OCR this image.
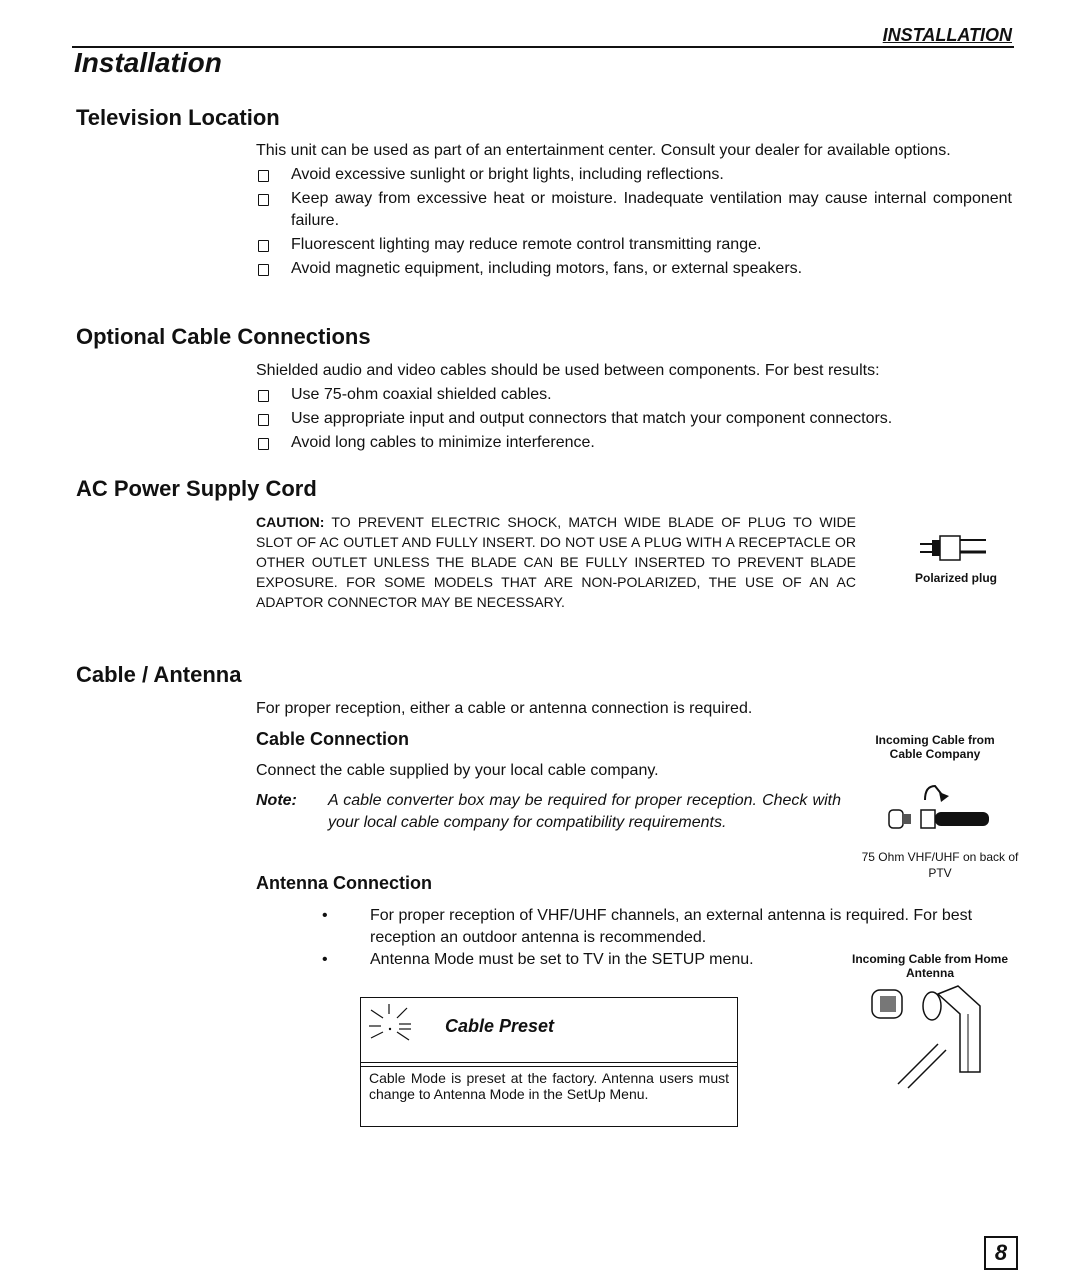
INSTALLATION
Installation
Television Location

This unit can be used as part of an entertainment center. Consult your dealer for available options.

Avoid excessive sunlight or bright lights, including reflections.
Keep away from excessive heat or moisture. Inadequate ventilation may cause internal component failure.
Fluorescent lighting may reduce remote control transmitting range.
Avoid magnetic equipment, including motors, fans, or external speakers.
Optional Cable Connections

Shielded audio and video cables should be used between components. For best results:

Use 75-ohm coaxial shielded cables.
Use appropriate input and output connectors that match your component connectors.
Avoid long cables to minimize interference.
AC Power Supply Cord
CAUTION: TO PREVENT ELECTRIC SHOCK, MATCH WIDE BLADE OF PLUG TO WIDE SLOT OF AC OUTLET AND FULLY INSERT. DO NOT USE A PLUG WITH A RECEPTACLE OR OTHER OUTLET UNLESS THE BLADE CAN BE FULLY INSERTED TO PREVENT BLADE EXPOSURE. FOR SOME MODELS THAT ARE NON-POLARIZED, THE USE OF AN AC ADAPTOR CONNECTOR MAY BE NECESSARY.
Polarized plug
Cable / Antenna
For proper reception, either a cable or antenna connection is required.
Cable Connection
Connect the cable supplied by your local cable company.
Note: A cable converter box may be required for proper reception. Check with your local cable company for compatibility requirements.

Antenna Connection
•	For proper reception of VHF/UHF channels, an external antenna is required. For best reception an outdoor antenna is recommended.
•	Antenna Mode must be set to TV in the SETUP menu.
Incoming Cable from Cable Company
75 Ohm VHF/UHF on back of PTV
Incoming Cable from Home Antenna
Cable Preset
Cable Mode is preset at the factory. Antenna users must change to Antenna Mode in the SetUp Menu.
8
